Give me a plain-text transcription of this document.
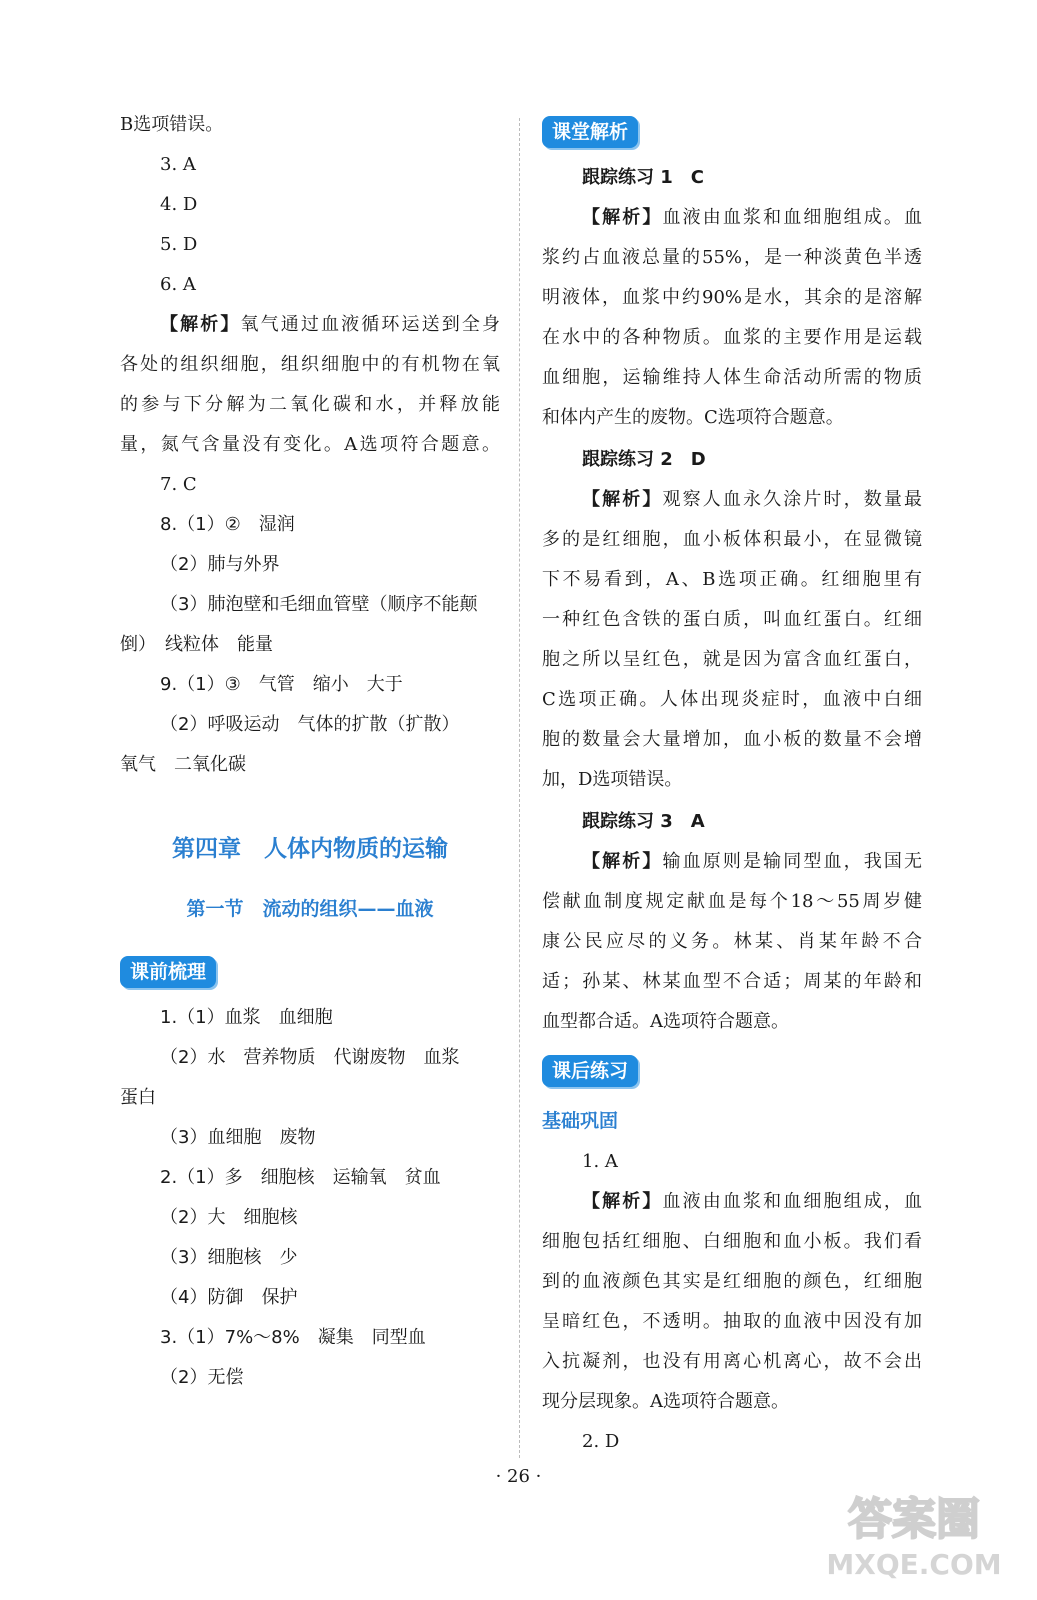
B选项错误。
3. A
4. D
5. D
6. A
【解析】氧气通过血液循环运送到全身
各处的组织细胞，组织细胞中的有机物在氧
的参与下分解为二氧化碳和水，并释放能
量，氮气含量没有变化。A选项符合题意。
7. C
8.（1）②　湿润
（2）肺与外界
（3）肺泡壁和毛细血管壁（顺序不能颠
倒）　线粒体　能量
9.（1）③　气管　缩小　大于
（2）呼吸运动　气体的扩散（扩散）
氧气　二氧化碳
第四章　人体内物质的运输
第一节　流动的组织——血液
课前梳理
1.（1）血浆　血细胞
（2）水　营养物质　代谢废物　血浆
蛋白
（3）血细胞　废物
2.（1）多　细胞核　运输氧　贫血
（2）大　细胞核
（3）细胞核　少
（4）防御　保护
3.（1）7%～8%　凝集　同型血
（2）无偿
课堂解析
跟踪练习 1　C
【解析】血液由血浆和血细胞组成。血
浆约占血液总量的55%，是一种淡黄色半透
明液体，血浆中约90%是水，其余的是溶解
在水中的各种物质。血浆的主要作用是运载
血细胞，运输维持人体生命活动所需的物质
和体内产生的废物。C选项符合题意。
跟踪练习 2　D
【解析】观察人血永久涂片时，数量最
多的是红细胞，血小板体积最小，在显微镜
下不易看到，A、B选项正确。红细胞里有
一种红色含铁的蛋白质，叫血红蛋白。红细
胞之所以呈红色，就是因为富含血红蛋白，
C选项正确。人体出现炎症时，血液中白细
胞的数量会大量增加，血小板的数量不会增
加，D选项错误。
跟踪练习 3　A
【解析】输血原则是输同型血，我国无
偿献血制度规定献血是每个18～55周岁健
康公民应尽的义务。林某、肖某年龄不合
适；孙某、林某血型不合适；周某的年龄和
血型都合适。A选项符合题意。
课后练习
基础巩固
1. A
【解析】血液由血浆和血细胞组成，血
细胞包括红细胞、白细胞和血小板。我们看
到的血液颜色其实是红细胞的颜色，红细胞
呈暗红色，不透明。抽取的血液中因没有加
入抗凝剂，也没有用离心机离心，故不会出
现分层现象。A选项符合题意。
2. D
· 26 ·
答案圈
MXQE.COM
